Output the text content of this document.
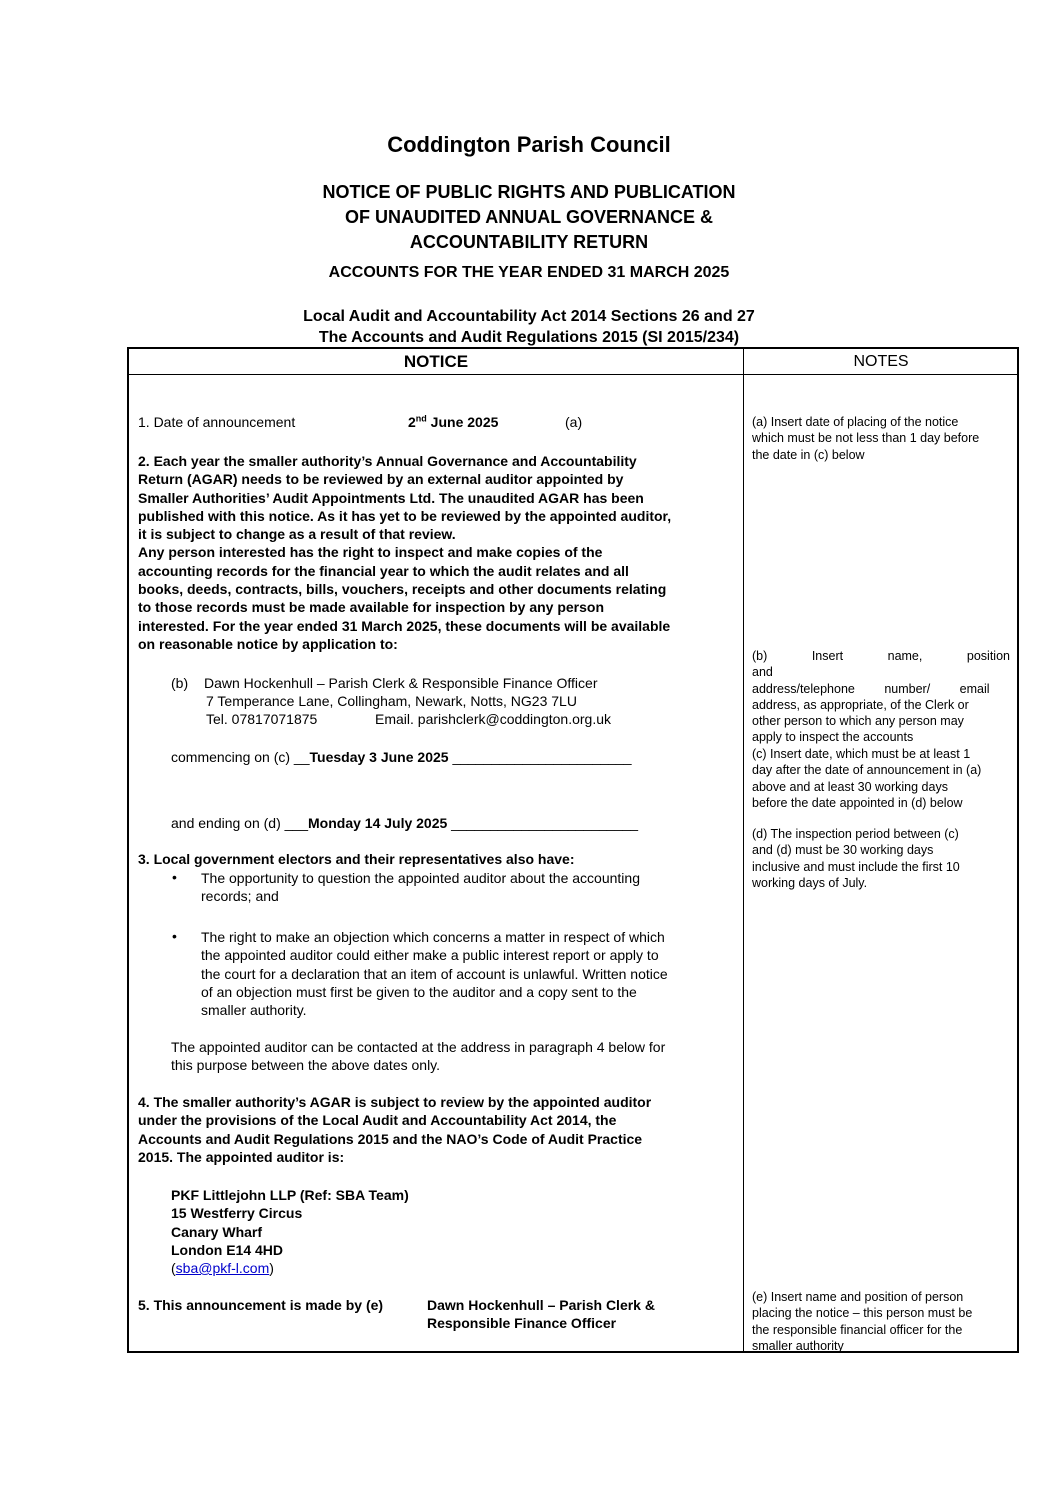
Coddington Parish Council
NOTICE OF PUBLIC RIGHTS AND PUBLICATION
OF UNAUDITED ANNUAL GOVERNANCE &
ACCOUNTABILITY RETURN
ACCOUNTS FOR THE YEAR ENDED 31 MARCH 2025
Local Audit and Accountability Act 2014 Sections 26 and 27
The Accounts and Audit Regulations 2015 (SI 2015/234)
NOTICE	NOTES
1. Date of announcement	2nd June 2025	(a)
2. Each year the smaller authority’s Annual Governance and Accountability
Return (AGAR) needs to be reviewed by an external auditor appointed by
Smaller Authorities’ Audit Appointments Ltd. The unaudited AGAR has been
published with this notice. As it has yet to be reviewed by the appointed auditor,
it is subject to change as a result of that review.
Any person interested has the right to inspect and make copies of the
accounting records for the financial year to which the audit relates and all
books, deeds, contracts, bills, vouchers, receipts and other documents relating
to those records must be made available for inspection by any person
interested. For the year ended 31 March 2025, these documents will be available
on reasonable notice by application to:
(b) Dawn Hockenhull – Parish Clerk & Responsible Finance Officer
7 Temperance Lane, Collingham, Newark, Notts, NG23 7LU
Tel. 07817071875	Email. parishclerk@coddington.org.uk
commencing on (c) __Tuesday 3 June 2025 _______________________
and ending on (d) ___Monday 14 July 2025 ________________________
3. Local government electors and their representatives also have:
• The opportunity to question the appointed auditor about the accounting
records; and
• The right to make an objection which concerns a matter in respect of which
the appointed auditor could either make a public interest report or apply to
the court for a declaration that an item of account is unlawful. Written notice
of an objection must first be given to the auditor and a copy sent to the
smaller authority.
The appointed auditor can be contacted at the address in paragraph 4 below for
this purpose between the above dates only.
4. The smaller authority’s AGAR is subject to review by the appointed auditor
under the provisions of the Local Audit and Accountability Act 2014, the
Accounts and Audit Regulations 2015 and the NAO’s Code of Audit Practice
2015. The appointed auditor is:
PKF Littlejohn LLP (Ref: SBA Team)
15 Westferry Circus
Canary Wharf
London E14 4HD
(sba@pkf-l.com)
5. This announcement is made by (e)	Dawn Hockenhull – Parish Clerk &
Responsible Finance Officer
(a) Insert date of placing of the notice
which must be not less than 1 day before
the date in (c) below
(b) Insert name, position and
address/telephone number/ email
address, as appropriate, of the Clerk or
other person to which any person may
apply to inspect the accounts
(c) Insert date, which must be at least 1
day after the date of announcement in (a)
above and at least 30 working days
before the date appointed in (d) below
(d) The inspection period between (c)
and (d) must be 30 working days
inclusive and must include the first 10
working days of July.
(e) Insert name and position of person
placing the notice – this person must be
the responsible financial officer for the
smaller authority
